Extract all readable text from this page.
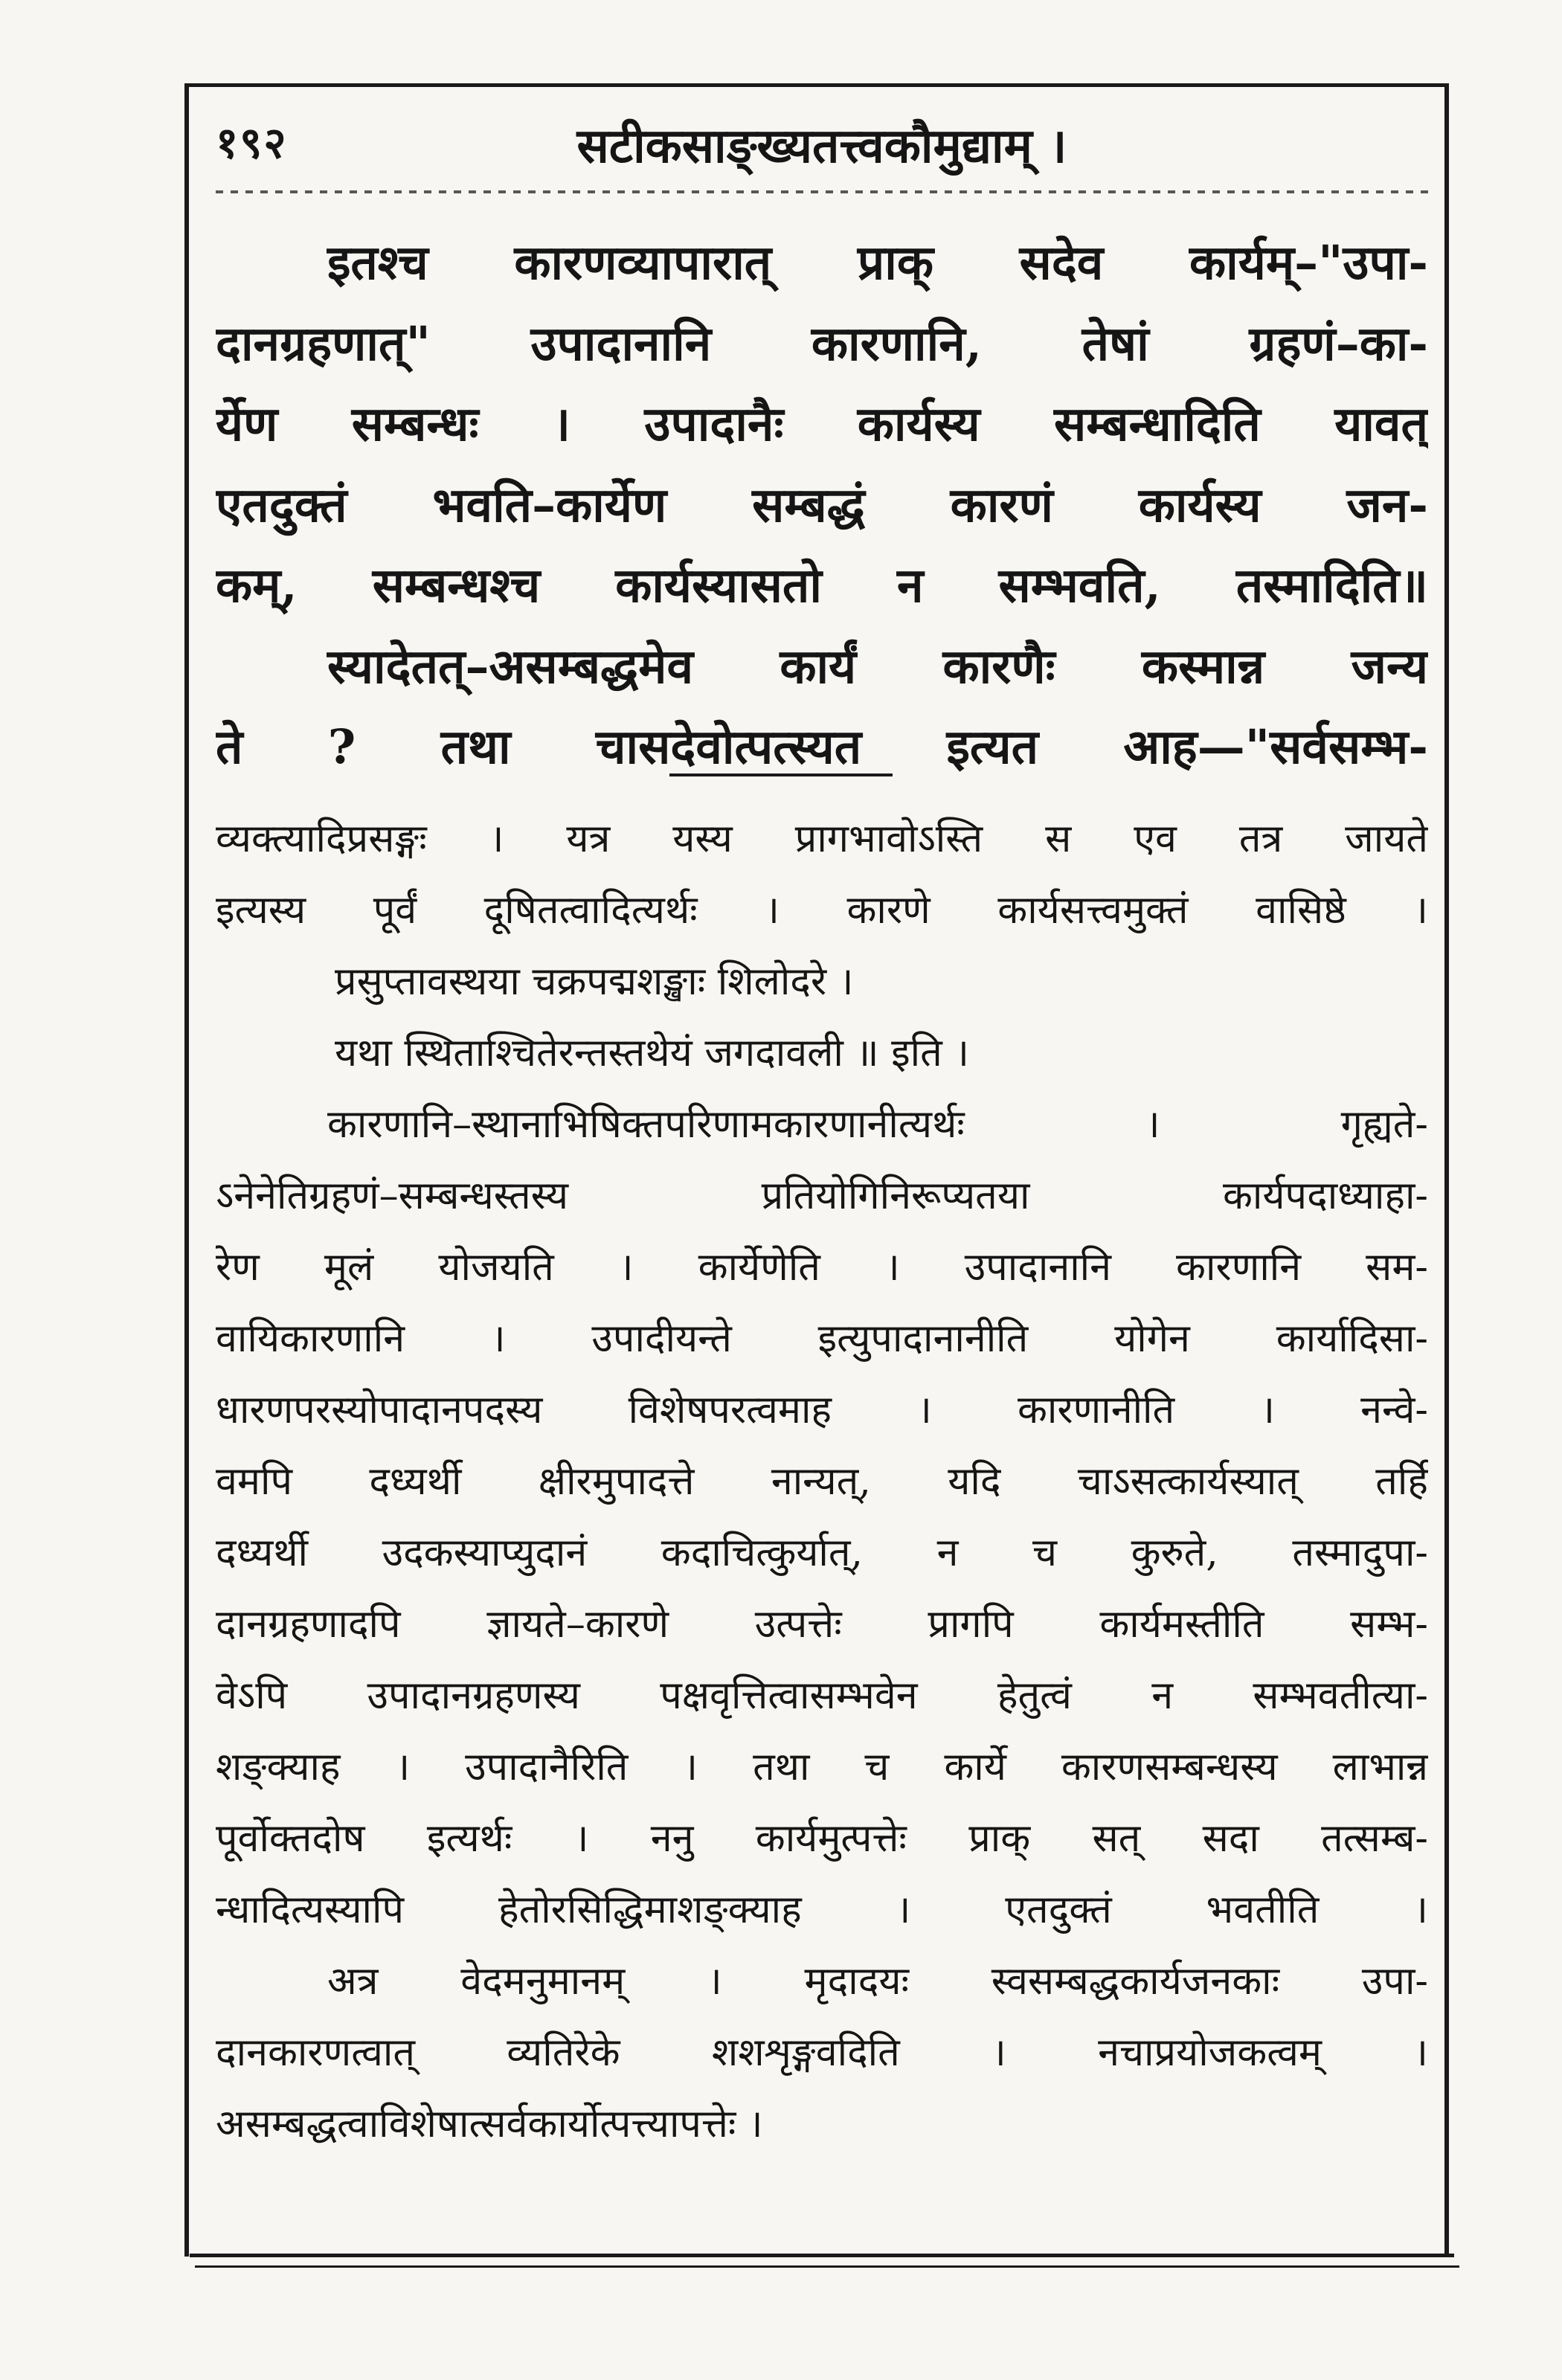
१९२	सटीकसाङ्ख्यतत्त्वकौमुद्याम् ।
इतश्च कारणव्यापारात् प्राक् सदेव कार्यम्–"उपा-
दानग्रहणात्" उपादानानि कारणानि, तेषां ग्रहणं–का-
र्येण सम्बन्धः । उपादानैः कार्यस्य सम्बन्धादिति यावत्
एतदुक्तं भवति–कार्येण सम्बद्धं कारणं कार्यस्य जन-
कम्, सम्बन्धश्च कार्यस्यासतो न सम्भवति, तस्मादिति॥
स्यादेतत्–असम्बद्धमेव कार्यं कारणैः कस्मान्न जन्य
ते ? तथा चासदेवोत्पत्स्यत इत्यत आह—"सर्वसम्भ-
व्यक्त्यादिप्रसङ्गः । यत्र यस्य प्रागभावोऽस्ति स एव तत्र जायते
इत्यस्य पूर्वं दूषितत्वादित्यर्थः । कारणे कार्यसत्त्वमुक्तं वासिष्ठे ।
प्रसुप्तावस्थया चक्रपद्मशङ्खाः शिलोदरे ।
यथा स्थिताश्चितेरन्तस्तथेयं जगदावली ॥ इति ।
कारणानि–स्थानाभिषिक्तपरिणामकारणानीत्यर्थः । गृह्यते-
ऽनेनेतिग्रहणं–सम्बन्धस्तस्य प्रतियोगिनिरूप्यतया कार्यपदाध्याहा-
रेण मूलं योजयति । कार्येणेति । उपादानानि कारणानि सम-
वायिकारणानि । उपादीयन्ते इत्युपादानानीति योगेन कार्यादिसा-
धारणपरस्योपादानपदस्य विशेषपरत्वमाह । कारणानीति । नन्वे-
वमपि दध्यर्थी क्षीरमुपादत्ते नान्यत्, यदि चाऽसत्कार्यस्यात् तर्हि
दध्यर्थी उदकस्याप्युदानं कदाचित्कुर्यात्, न च कुरुते, तस्मादुपा-
दानग्रहणादपि ज्ञायते–कारणे उत्पत्तेः प्रागपि कार्यमस्तीति सम्भ-
वेऽपि उपादानग्रहणस्य पक्षवृत्तित्वासम्भवेन हेतुत्वं न सम्भवतीत्या-
शङ्क्याह । उपादानैरिति । तथा च कार्ये कारणसम्बन्धस्य लाभान्न
पूर्वोक्तदोष इत्यर्थः । ननु कार्यमुत्पत्तेः प्राक् सत् सदा तत्सम्ब-
न्धादित्यस्यापि हेतोरसिद्धिमाशङ्क्याह । एतदुक्तं भवतीति ।
अत्र वेदमनुमानम् । मृदादयः स्वसम्बद्धकार्यजनकाः उपा-
दानकारणत्वात् व्यतिरेके शशशृङ्गवदिति । नचाप्रयोजकत्वम् ।
असम्बद्धत्वाविशेषात्सर्वकार्योत्पत्त्यापत्तेः ।
